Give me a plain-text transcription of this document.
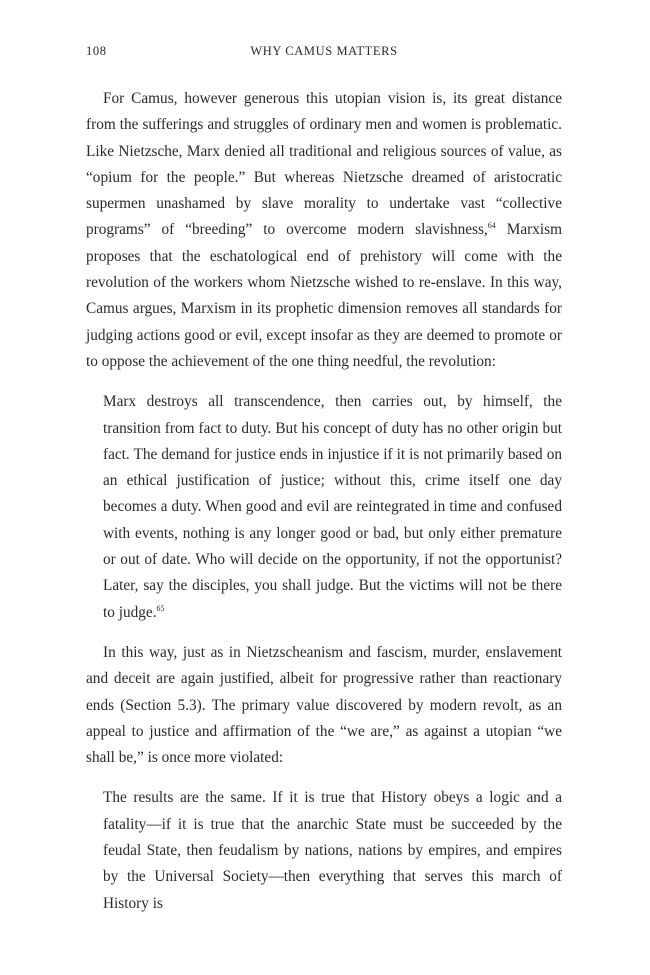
108	WHY CAMUS MATTERS

For Camus, however generous this utopian vision is, its great distance from the sufferings and struggles of ordinary men and women is problematic. Like Nietzsche, Marx denied all traditional and religious sources of value, as “opium for the people.” But whereas Nietzsche dreamed of aristocratic supermen unashamed by slave morality to undertake vast “collective programs” of “breeding” to overcome modern slavishness,$^{64}$ Marxism proposes that the eschatological end of prehistory will come with the revolution of the workers whom Nietzsche wished to re-enslave. In this way, Camus argues, Marxism in its prophetic dimension removes all standards for judging actions good or evil, except insofar as they are deemed to promote or to oppose the achievement of the one thing needful, the revolution:

Marx destroys all transcendence, then carries out, by himself, the transition from fact to duty. But his concept of duty has no other origin but fact. The demand for justice ends in injustice if it is not primarily based on an ethical justification of justice; without this, crime itself one day becomes a duty. When good and evil are reintegrated in time and confused with events, nothing is any longer good or bad, but only either premature or out of date. Who will decide on the opportunity, if not the opportunist? Later, say the disciples, you shall judge. But the victims will not be there to judge.$^{65}$

In this way, just as in Nietzscheanism and fascism, murder, enslavement and deceit are again justified, albeit for progressive rather than reactionary ends (Section 5.3). The primary value discovered by modern revolt, as an appeal to justice and affirmation of the “we are,” as against a utopian “we shall be,” is once more violated:

The results are the same. If it is true that History obeys a logic and a fatality—if it is true that the anarchic State must be succeeded by the feudal State, then feudalism by nations, nations by empires, and empires by the Universal Society—then everything that serves this march of History is
